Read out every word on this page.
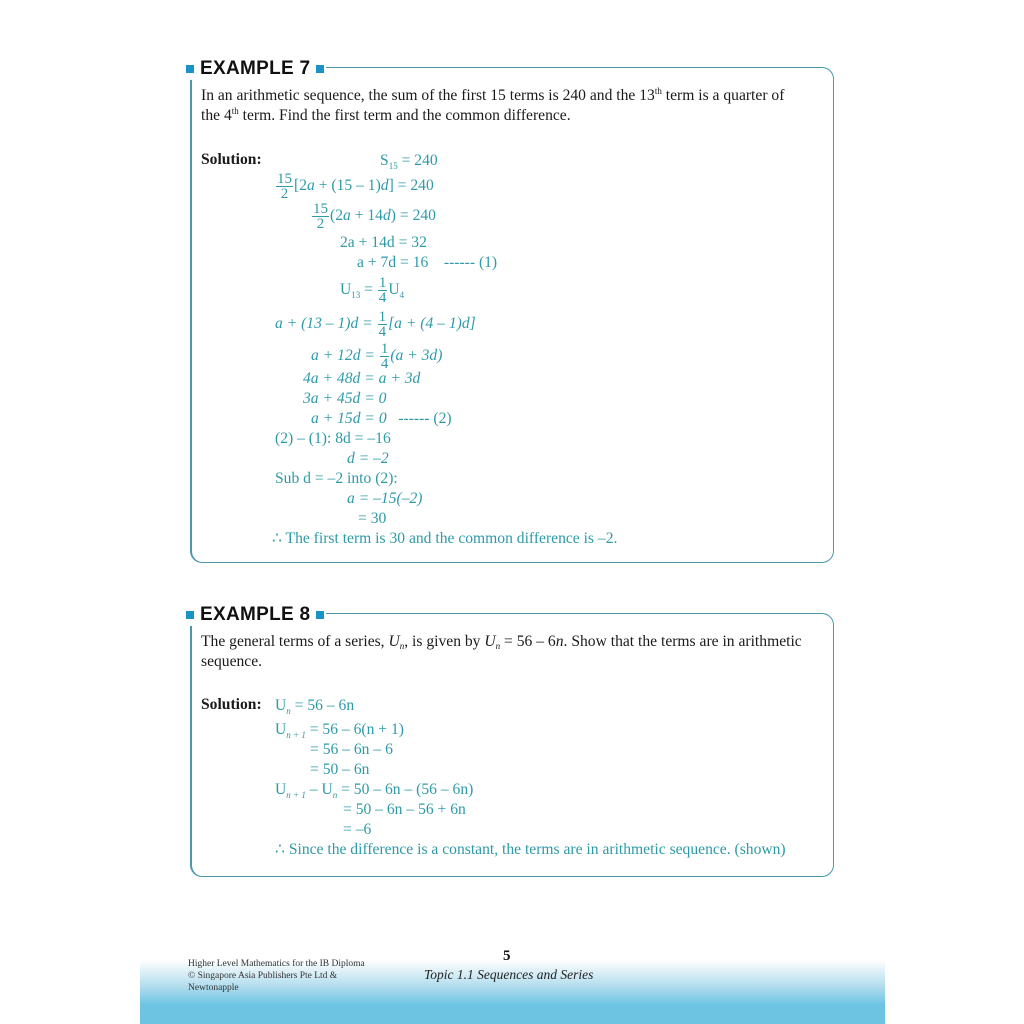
EXAMPLE 7
In an arithmetic sequence, the sum of the first 15 terms is 240 and the 13th term is a quarter of
the 4th term. Find the first term and the common difference.
Solution:	$S_{15} = 240$
$\frac{15}{2} [2a + (15 - 1)d] = 240$
$\frac{15}{2} (2a + 14d) = 240$
2a + 14d = 32
a + 7d = 16 ------ (1)
$U_{13} = \frac{1}{4} U_4$
$a + (13 - 1)d = \frac{1}{4} [a + (4 - 1)d]$
$a + 12d = \frac{1}{4} (a + 3d)$
4a + 48d = a + 3d
3a + 45d = 0
a + 15d = 0 ------ (2)
(2) – (1): 8d = –16
d = –2
Sub d = –2 into (2):
a = –15(–2)
= 30
∴ The first term is 30 and the common difference is –2.
EXAMPLE 8
The general terms of a series, $U_n$, is given by $U_n = 56 - 6n$. Show that the terms are in arithmetic
sequence.
Solution: $U_n = 56 - 6n$
$U_{n + 1} = 56 - 6(n + 1)$
= 56 – 6n – 6
= 50 – 6n
$U_{n + 1} - U_n = 50 - 6n - (56 - 6n)$
= 50 – 6n – 56 + 6n
= –6
∴ Since the difference is a constant, the terms are in arithmetic sequence. (shown)
Higher Level Mathematics for the IB Diploma
© Singapore Asia Publishers Pte Ltd &
Newtonapple
5
Topic 1.1 Sequences and Series
